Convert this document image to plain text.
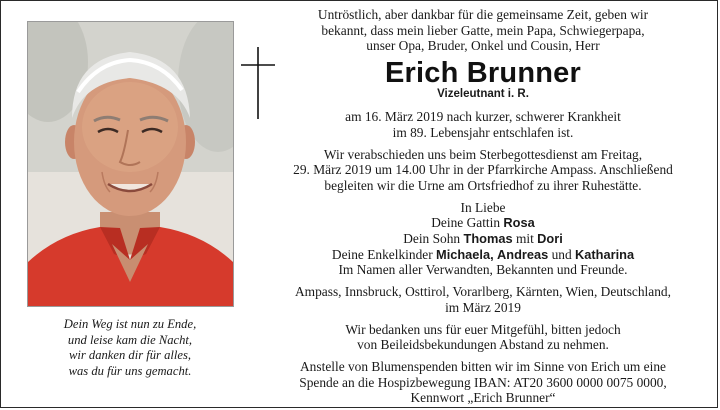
Dein Weg ist nun zu Ende,
und leise kam die Nacht,
wir danken dir für alles,
was du für uns gemacht.
Untröstlich, aber dankbar für die gemeinsame Zeit, geben wir
bekannt, dass mein lieber Gatte, mein Papa, Schwiegerpapa,
unser Opa, Bruder, Onkel und Cousin, Herr
Erich Brunner
Vizeleutnant i. R.
am 16. März 2019 nach kurzer, schwerer Krankheit
im 89. Lebensjahr entschlafen ist.
Wir verabschieden uns beim Sterbegottesdienst am Freitag,
29. März 2019 um 14.00 Uhr in der Pfarrkirche Ampass. Anschließend
begleiten wir die Urne am Ortsfriedhof zu ihrer Ruhestätte.
In Liebe
Deine Gattin Rosa
Dein Sohn Thomas mit Dori
Deine Enkelkinder Michaela, Andreas und Katharina
Im Namen aller Verwandten, Bekannten und Freunde.
Ampass, Innsbruck, Osttirol, Vorarlberg, Kärnten, Wien, Deutschland,
im März 2019
Wir bedanken uns für euer Mitgefühl, bitten jedoch
von Beileidsbekundungen Abstand zu nehmen.
Anstelle von Blumenspenden bitten wir im Sinne von Erich um eine
Spende an die Hospizbewegung IBAN: AT20 3600 0000 0075 0000,
Kennwort „Erich Brunner“
